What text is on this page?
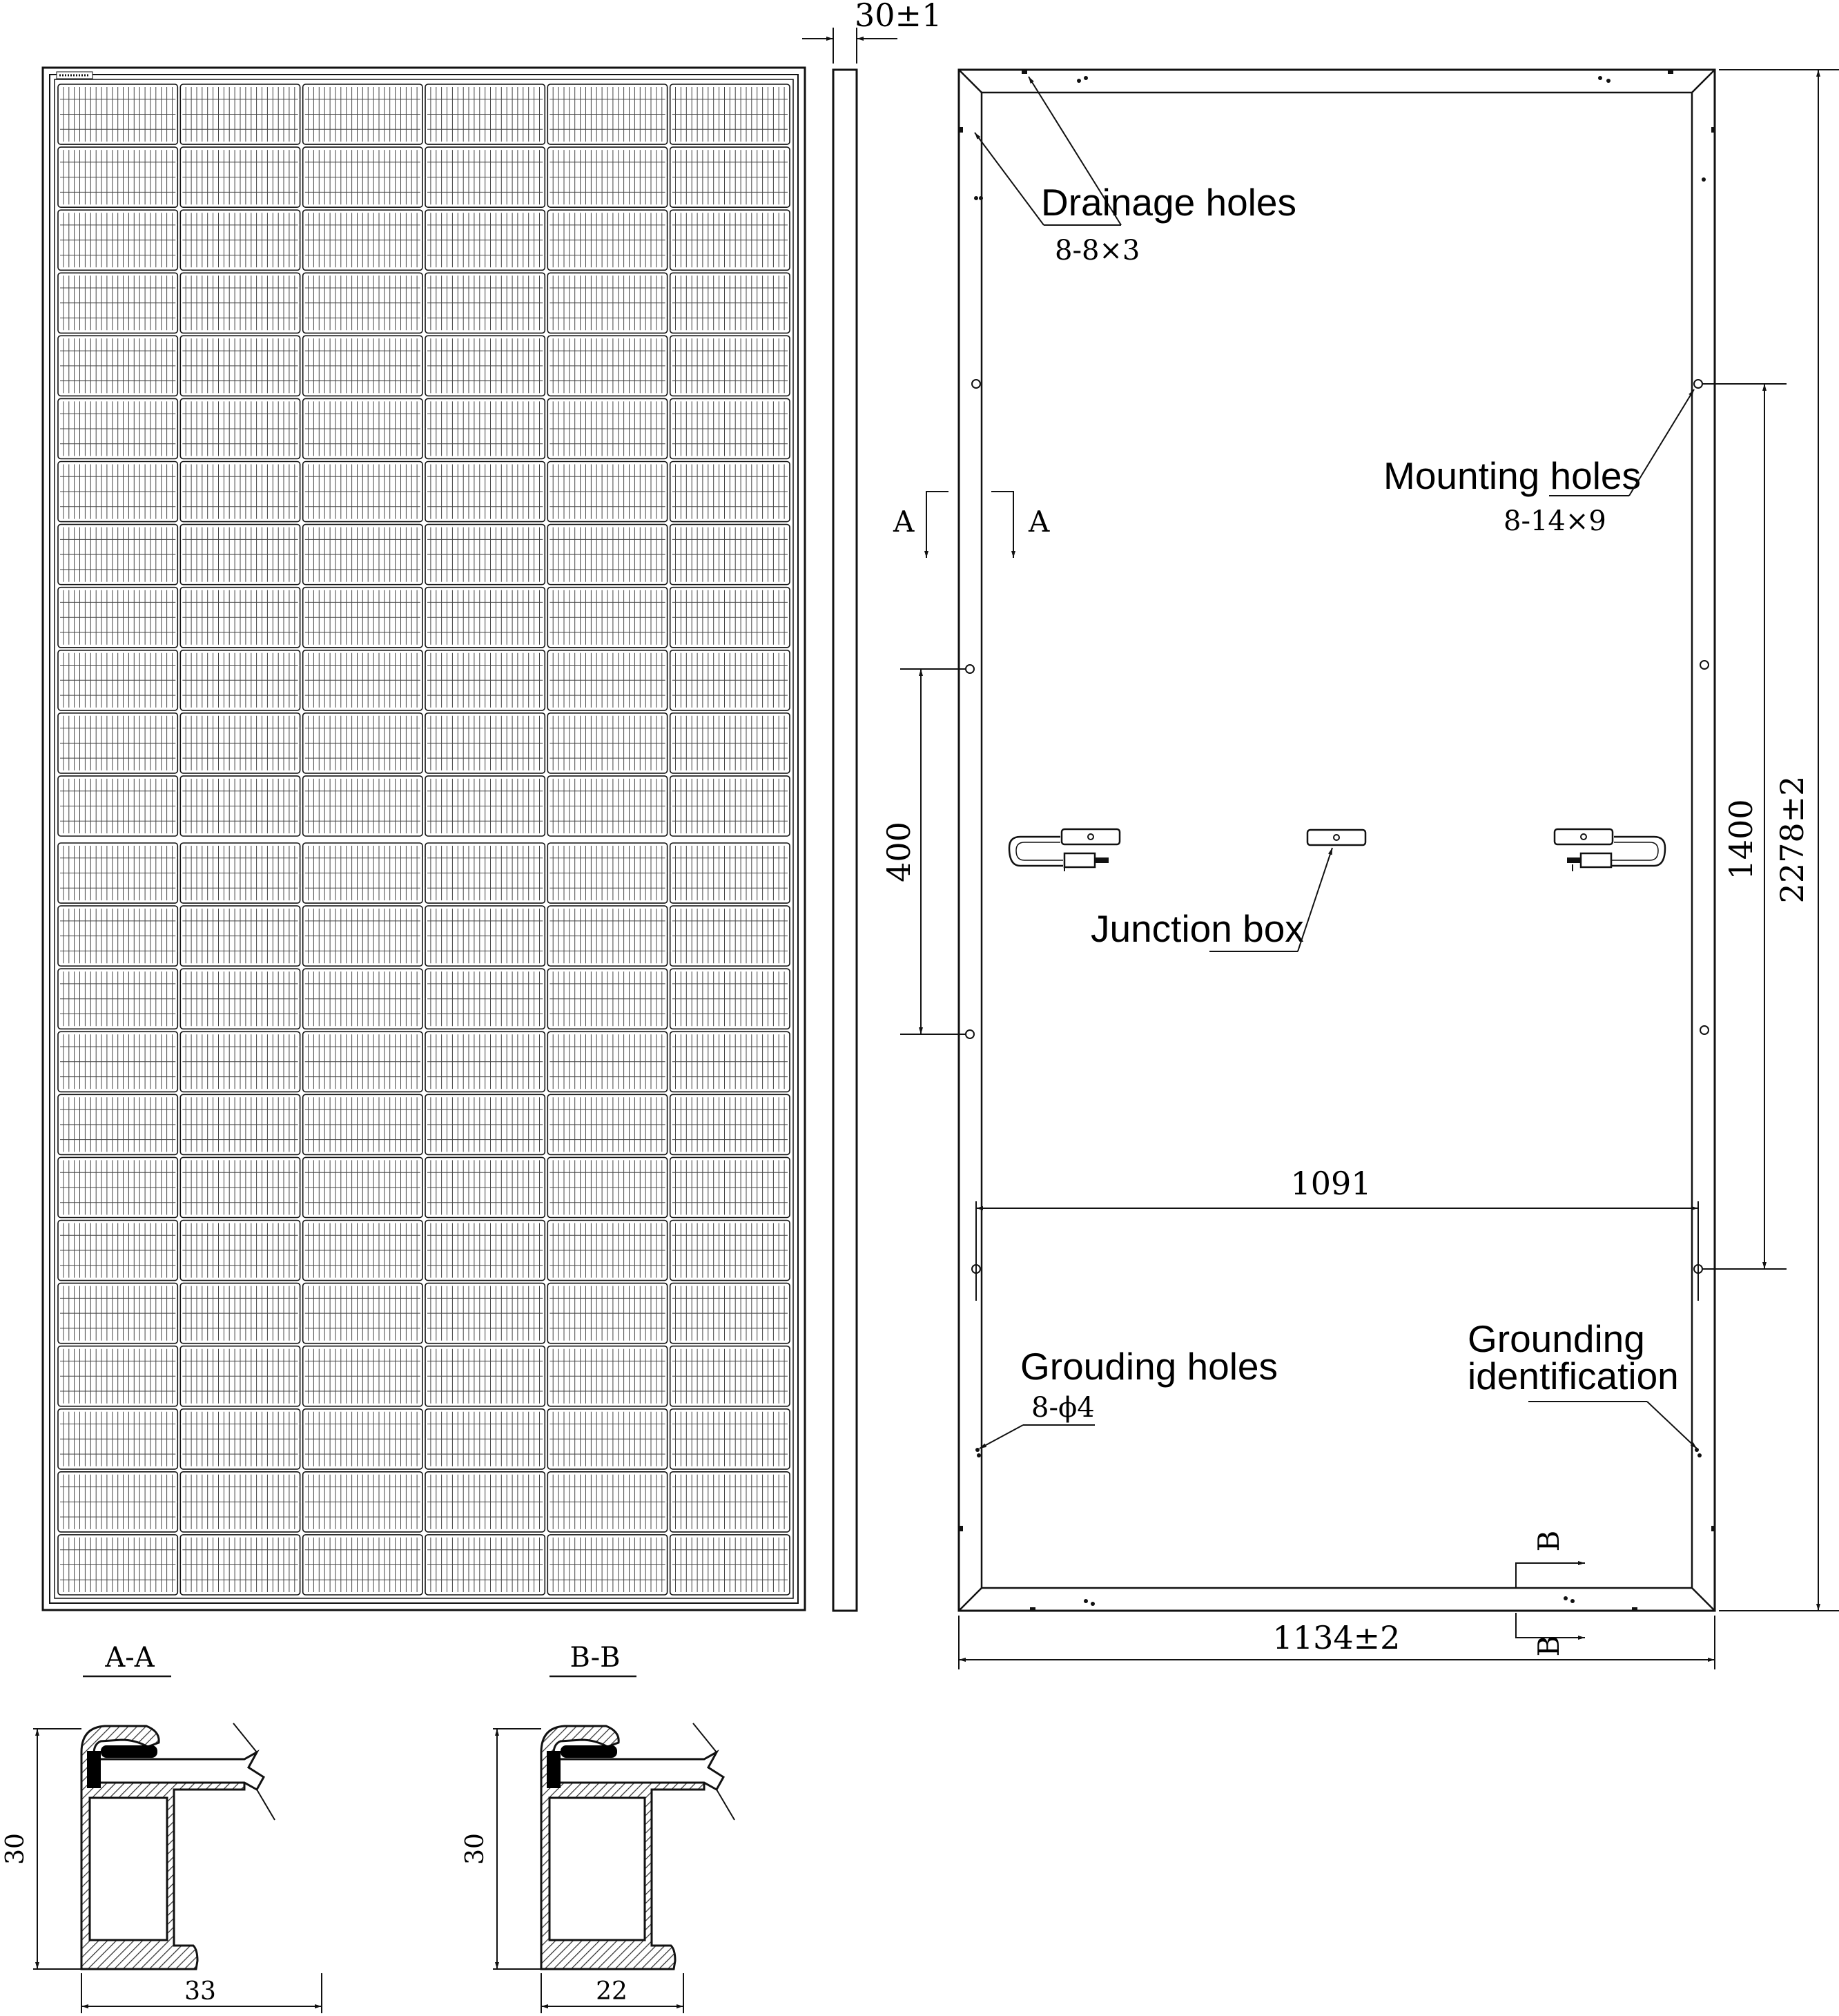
30±1
Drainage holes
8-8×3
Mounting holes
8-14×9
A	A
400
Junction box
1091
Grouding holes
8-ϕ4
Grounding
identification
B
B
1134±2
1400 2278±2
A-A
30
33
B-B
30
22
